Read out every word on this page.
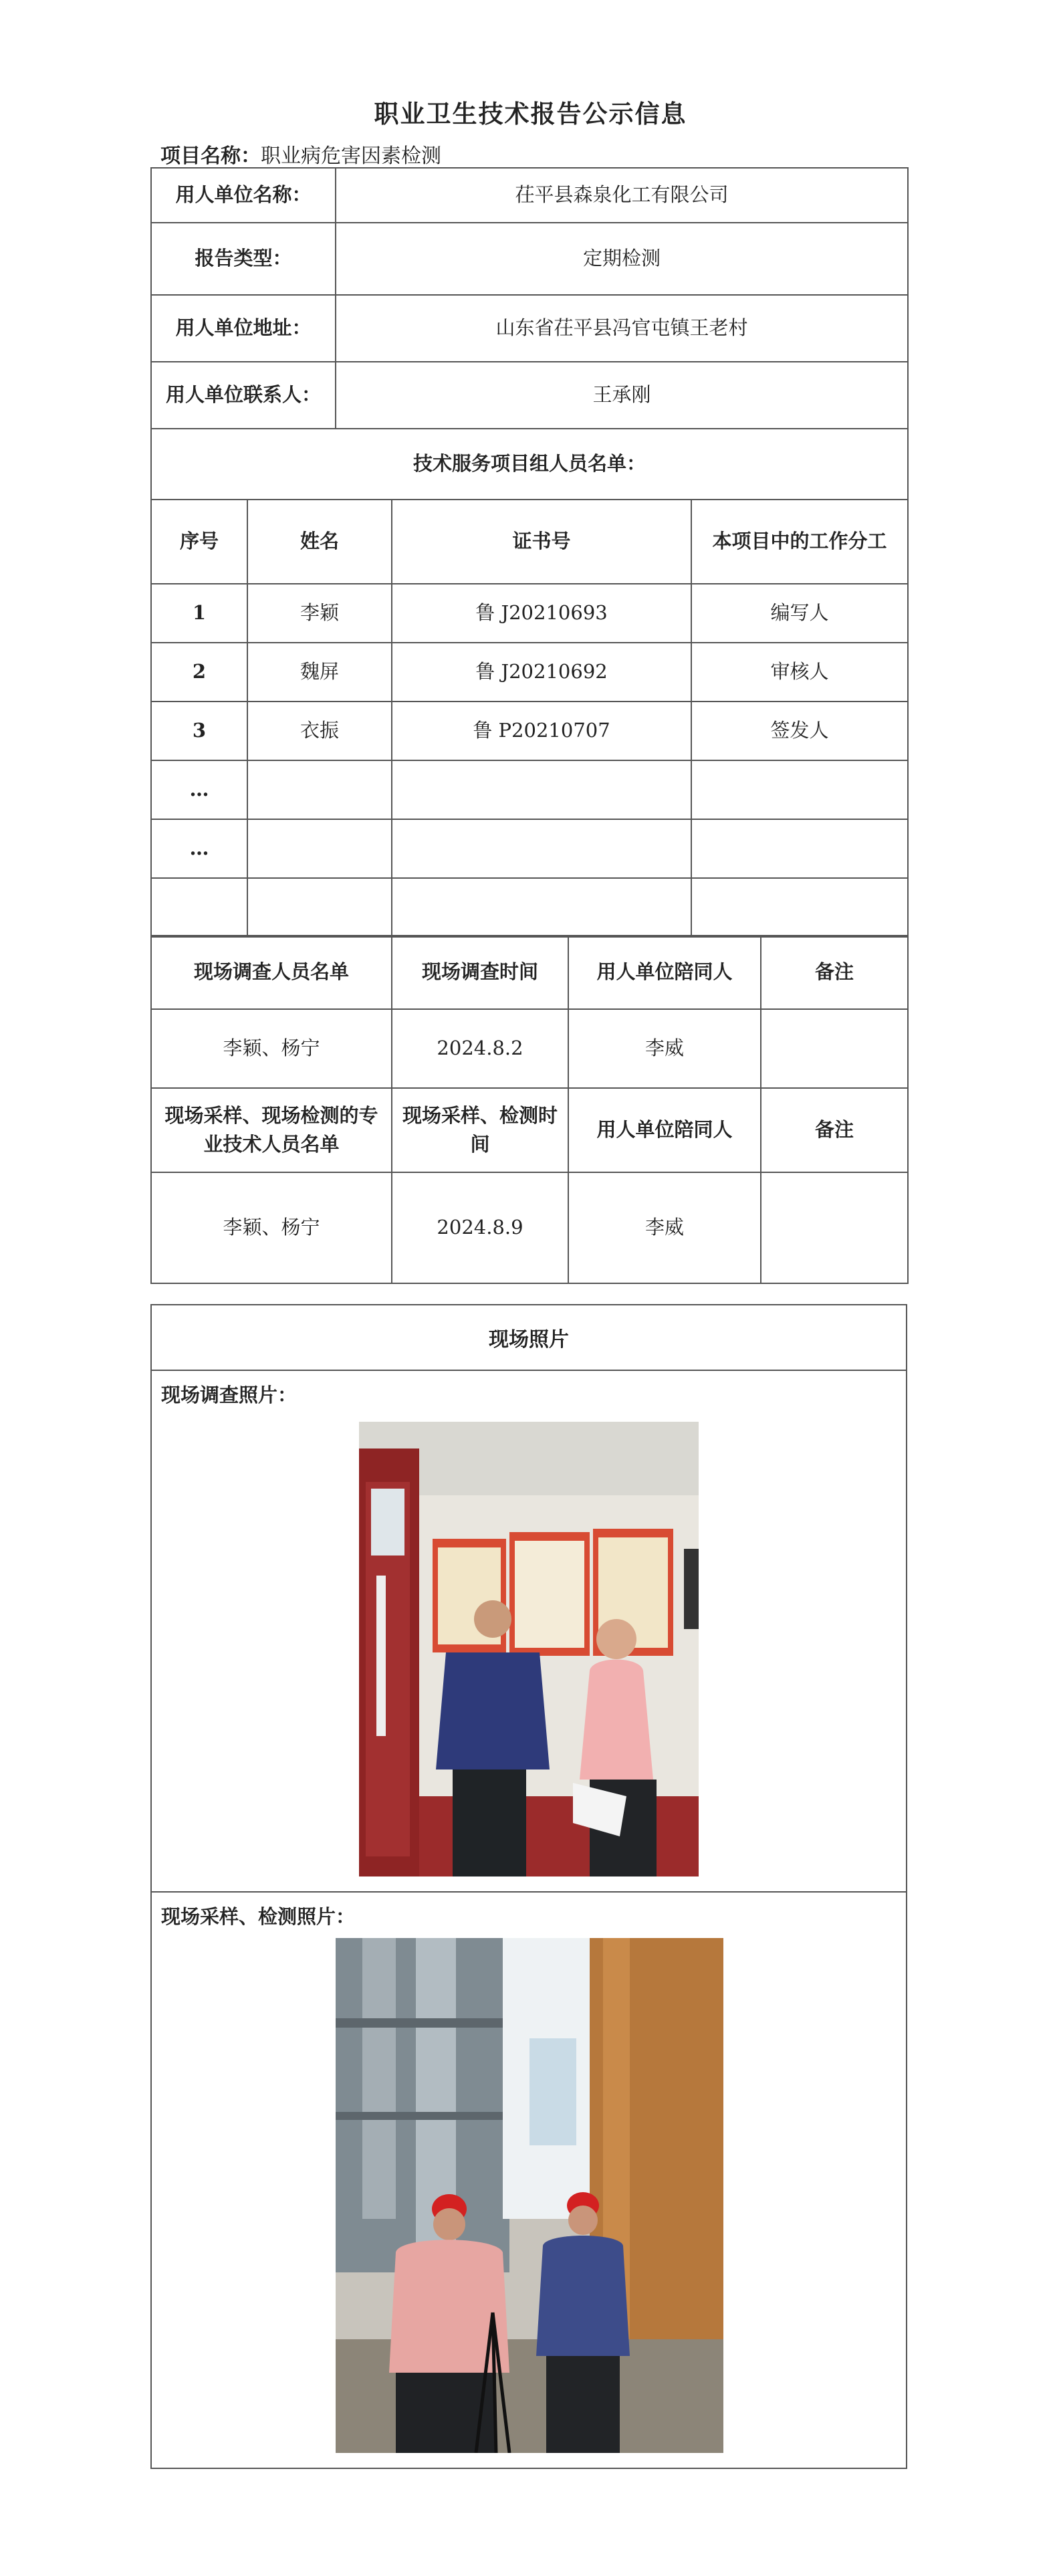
职业卫生技术报告公示信息
项目名称：职业病危害因素检测
用人单位名称：	茌平县森泉化工有限公司
报告类型：	定期检测
用人单位地址：	山东省茌平县冯官屯镇王老村
用人单位联系人：	王承刚
技术服务项目组人员名单：			
序号	姓名	证书号	本项目中的工作分工
1	李颖	鲁 J20210693	编写人
2	魏屏	鲁 J20210692	审核人
3	衣振	鲁 P20210707	签发人
…			
…			

现场调查人员名单	现场调查时间	用人单位陪同人	备注
李颖、杨宁	2024.8.2	李威	
现场采样、现场检测的专业技术人员名单	现场采样、检测时间	用人单位陪同人	备注
李颖、杨宁	2024.8.9	李威	
现场照片
现场调查照片：
现场采样、检测照片：
